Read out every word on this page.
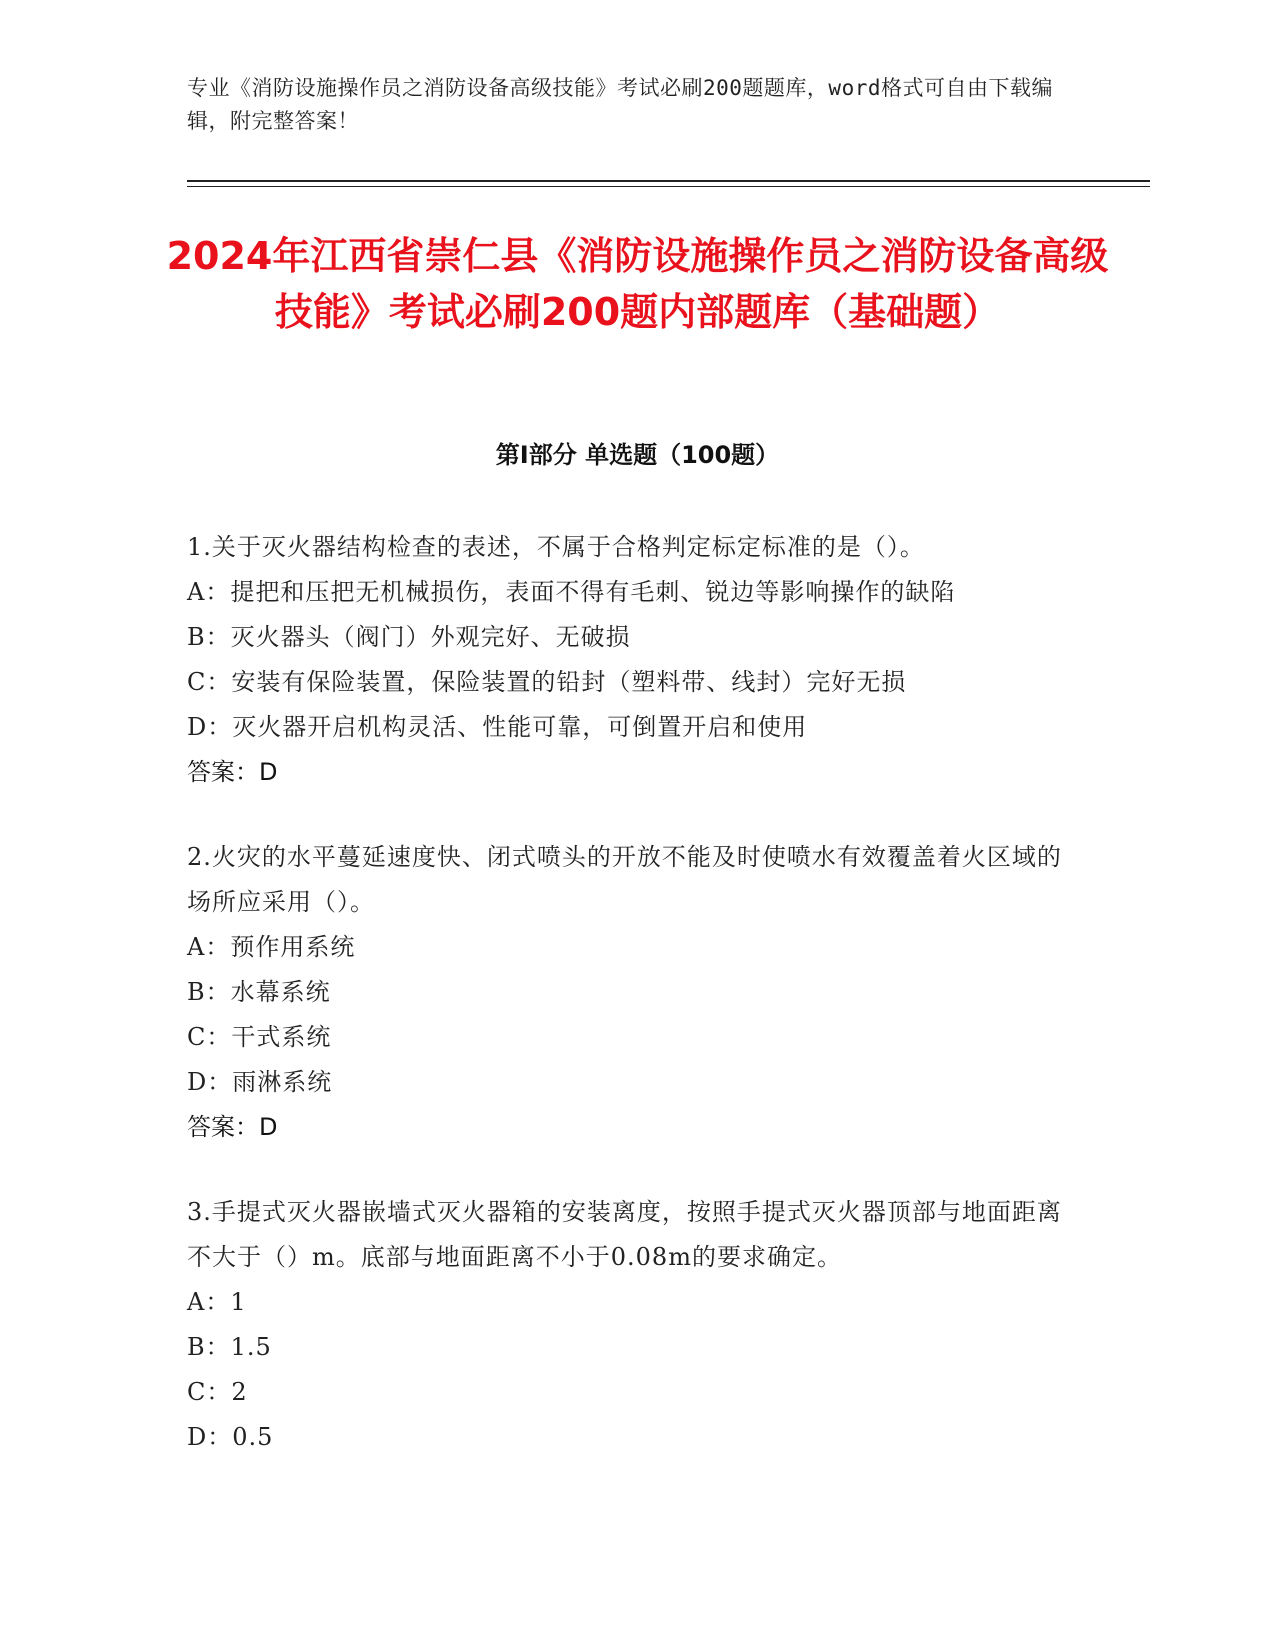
专业《消防设施操作员之消防设备高级技能》考试必刷200题题库，word格式可自由下载编辑，附完整答案！
2024年江西省崇仁县《消防设施操作员之消防设备高级技能》考试必刷200题内部题库（基础题）
第I部分 单选题（100题）
1.关于灭火器结构检查的表述，不属于合格判定标定标准的是（）。
A：提把和压把无机械损伤，表面不得有毛刺、锐边等影响操作的缺陷
B：灭火器头（阀门）外观完好、无破损
C：安装有保险装置，保险装置的铅封（塑料带、线封）完好无损
D：灭火器开启机构灵活、性能可靠，可倒置开启和使用
答案：D
2.火灾的水平蔓延速度快、闭式喷头的开放不能及时使喷水有效覆盖着火区域的场所应采用（）。
A：预作用系统
B：水幕系统
C：干式系统
D：雨淋系统
答案：D
3.手提式灭火器嵌墙式灭火器箱的安装离度，按照手提式灭火器顶部与地面距离不大于（）m。底部与地面距离不小于0.08m的要求确定。
A：1
B：1.5
C：2
D：0.5
